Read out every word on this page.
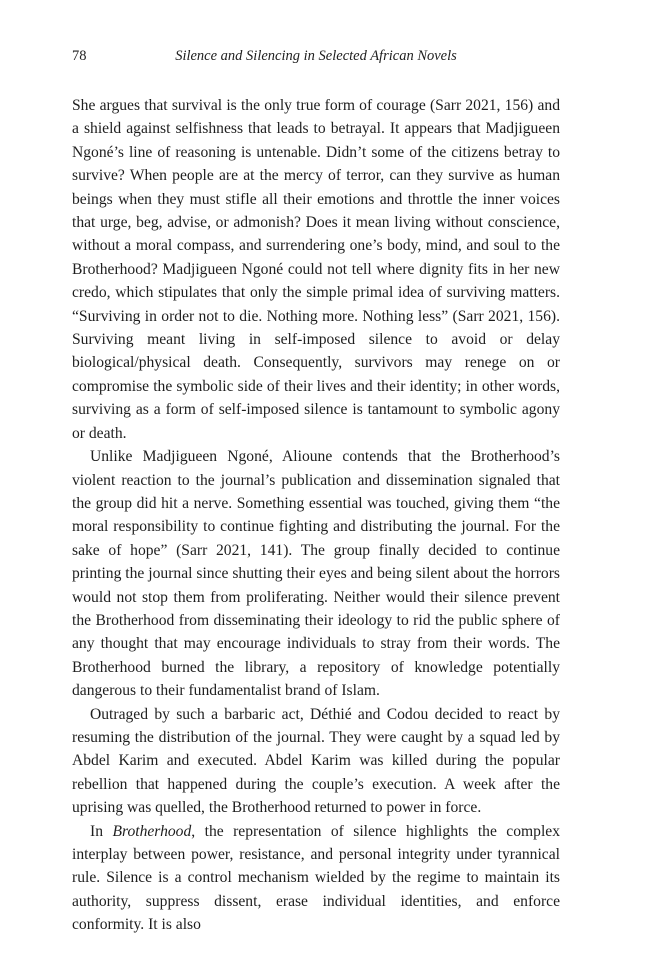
78	Silence and Silencing in Selected African Novels

She argues that survival is the only true form of courage (Sarr 2021, 156) and a shield against selfishness that leads to betrayal. It appears that Madjigueen Ngoné’s line of reasoning is untenable. Didn’t some of the citizens betray to survive? When people are at the mercy of terror, can they survive as human beings when they must stifle all their emotions and throttle the inner voices that urge, beg, advise, or admonish? Does it mean living without conscience, without a moral compass, and surrendering one’s body, mind, and soul to the Brotherhood? Madjigueen Ngoné could not tell where dignity fits in her new credo, which stipulates that only the simple primal idea of surviving matters. “Surviving in order not to die. Nothing more. Nothing less” (Sarr 2021, 156). Surviving meant living in self-imposed silence to avoid or delay biological/physical death. Consequently, survivors may renege on or compromise the symbolic side of their lives and their identity; in other words, surviving as a form of self-imposed silence is tantamount to symbolic agony or death.

Unlike Madjigueen Ngoné, Alioune contends that the Brotherhood’s violent reaction to the journal’s publication and dissemination signaled that the group did hit a nerve. Something essential was touched, giving them “the moral responsibility to continue fighting and distributing the journal. For the sake of hope” (Sarr 2021, 141). The group finally decided to continue printing the journal since shutting their eyes and being silent about the horrors would not stop them from proliferating. Neither would their silence prevent the Brotherhood from disseminating their ideology to rid the public sphere of any thought that may encourage individuals to stray from their words. The Brotherhood burned the library, a repository of knowledge potentially dangerous to their fundamentalist brand of Islam.

Outraged by such a barbaric act, Déthié and Codou decided to react by resuming the distribution of the journal. They were caught by a squad led by Abdel Karim and executed. Abdel Karim was killed during the popular rebellion that happened during the couple’s execution. A week after the uprising was quelled, the Brotherhood returned to power in force.

In Brotherhood, the representation of silence highlights the complex interplay between power, resistance, and personal integrity under tyrannical rule. Silence is a control mechanism wielded by the regime to maintain its authority, suppress dissent, erase individual identities, and enforce conformity. It is also
